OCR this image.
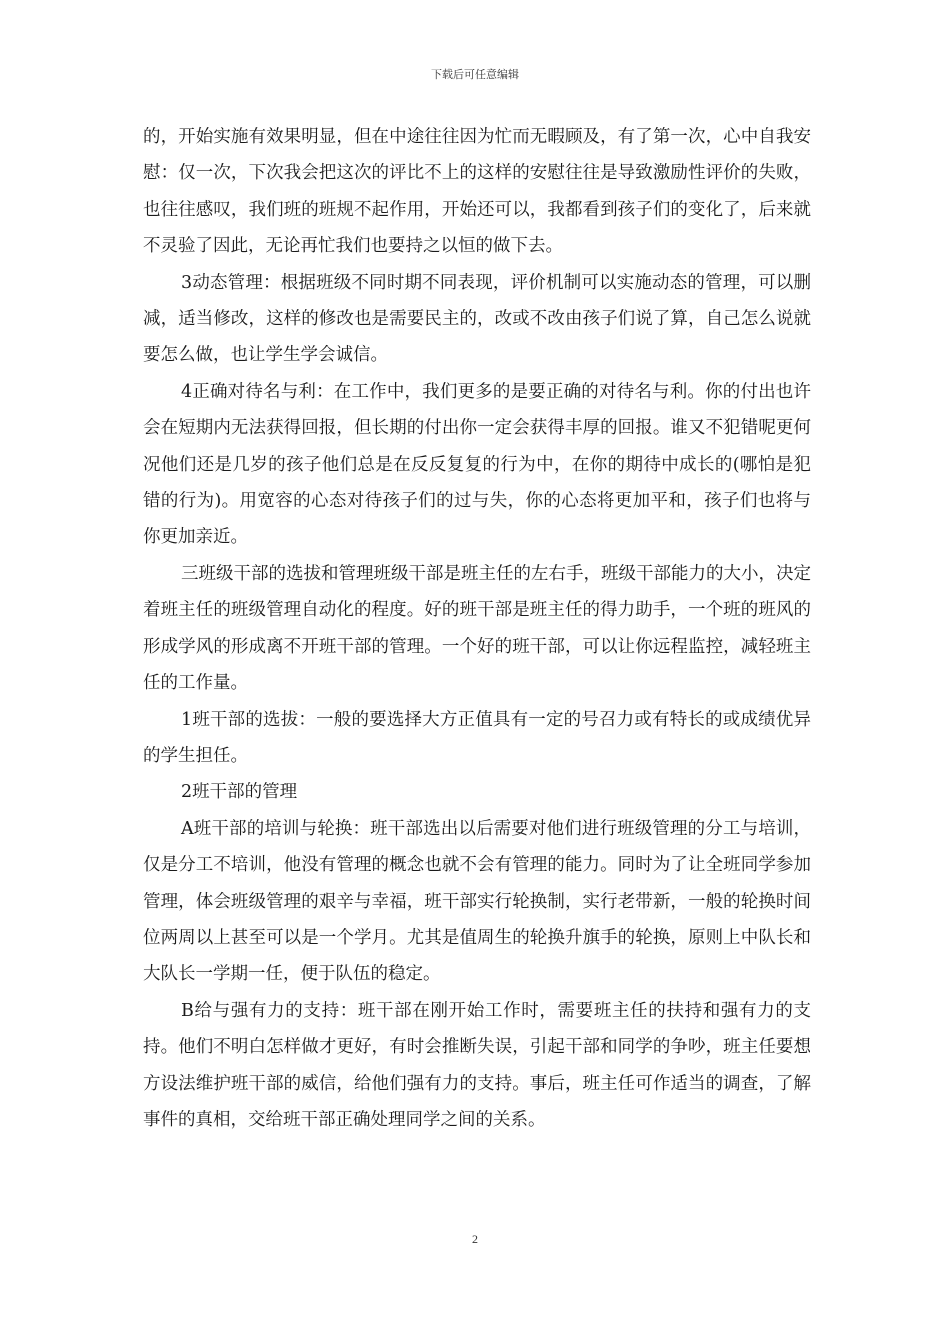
下载后可任意编辑

的，开始实施有效果明显，但在中途往往因为忙而无暇顾及，有了第一次，心中自我安慰：仅一次，下次我会把这次的评比不上的这样的安慰往往是导致激励性评价的失败，也往往感叹，我们班的班规不起作用，开始还可以，我都看到孩子们的变化了，后来就不灵验了因此，无论再忙我们也要持之以恒的做下去。

3动态管理：根据班级不同时期不同表现，评价机制可以实施动态的管理，可以删减，适当修改，这样的修改也是需要民主的，改或不改由孩子们说了算，自己怎么说就要怎么做，也让学生学会诚信。

4正确对待名与利：在工作中，我们更多的是要正确的对待名与利。你的付出也许会在短期内无法获得回报，但长期的付出你一定会获得丰厚的回报。谁又不犯错呢更何况他们还是几岁的孩子他们总是在反反复复的行为中，在你的期待中成长的(哪怕是犯错的行为)。用宽容的心态对待孩子们的过与失，你的心态将更加平和，孩子们也将与你更加亲近。

三班级干部的选拔和管理班级干部是班主任的左右手，班级干部能力的大小，决定着班主任的班级管理自动化的程度。好的班干部是班主任的得力助手，一个班的班风的形成学风的形成离不开班干部的管理。一个好的班干部，可以让你远程监控，减轻班主任的工作量。

1班干部的选拔：一般的要选择大方正值具有一定的号召力或有特长的或成绩优异的学生担任。

2班干部的管理

A班干部的培训与轮换：班干部选出以后需要对他们进行班级管理的分工与培训，仅是分工不培训，他没有管理的概念也就不会有管理的能力。同时为了让全班同学参加管理，体会班级管理的艰辛与幸福，班干部实行轮换制，实行老带新，一般的轮换时间位两周以上甚至可以是一个学月。尤其是值周生的轮换升旗手的轮换，原则上中队长和大队长一学期一任，便于队伍的稳定。

B给与强有力的支持：班干部在刚开始工作时，需要班主任的扶持和强有力的支持。他们不明白怎样做才更好，有时会推断失误，引起干部和同学的争吵，班主任要想方设法维护班干部的威信，给他们强有力的支持。事后，班主任可作适当的调查，了解事件的真相，交给班干部正确处理同学之间的关系。

2
